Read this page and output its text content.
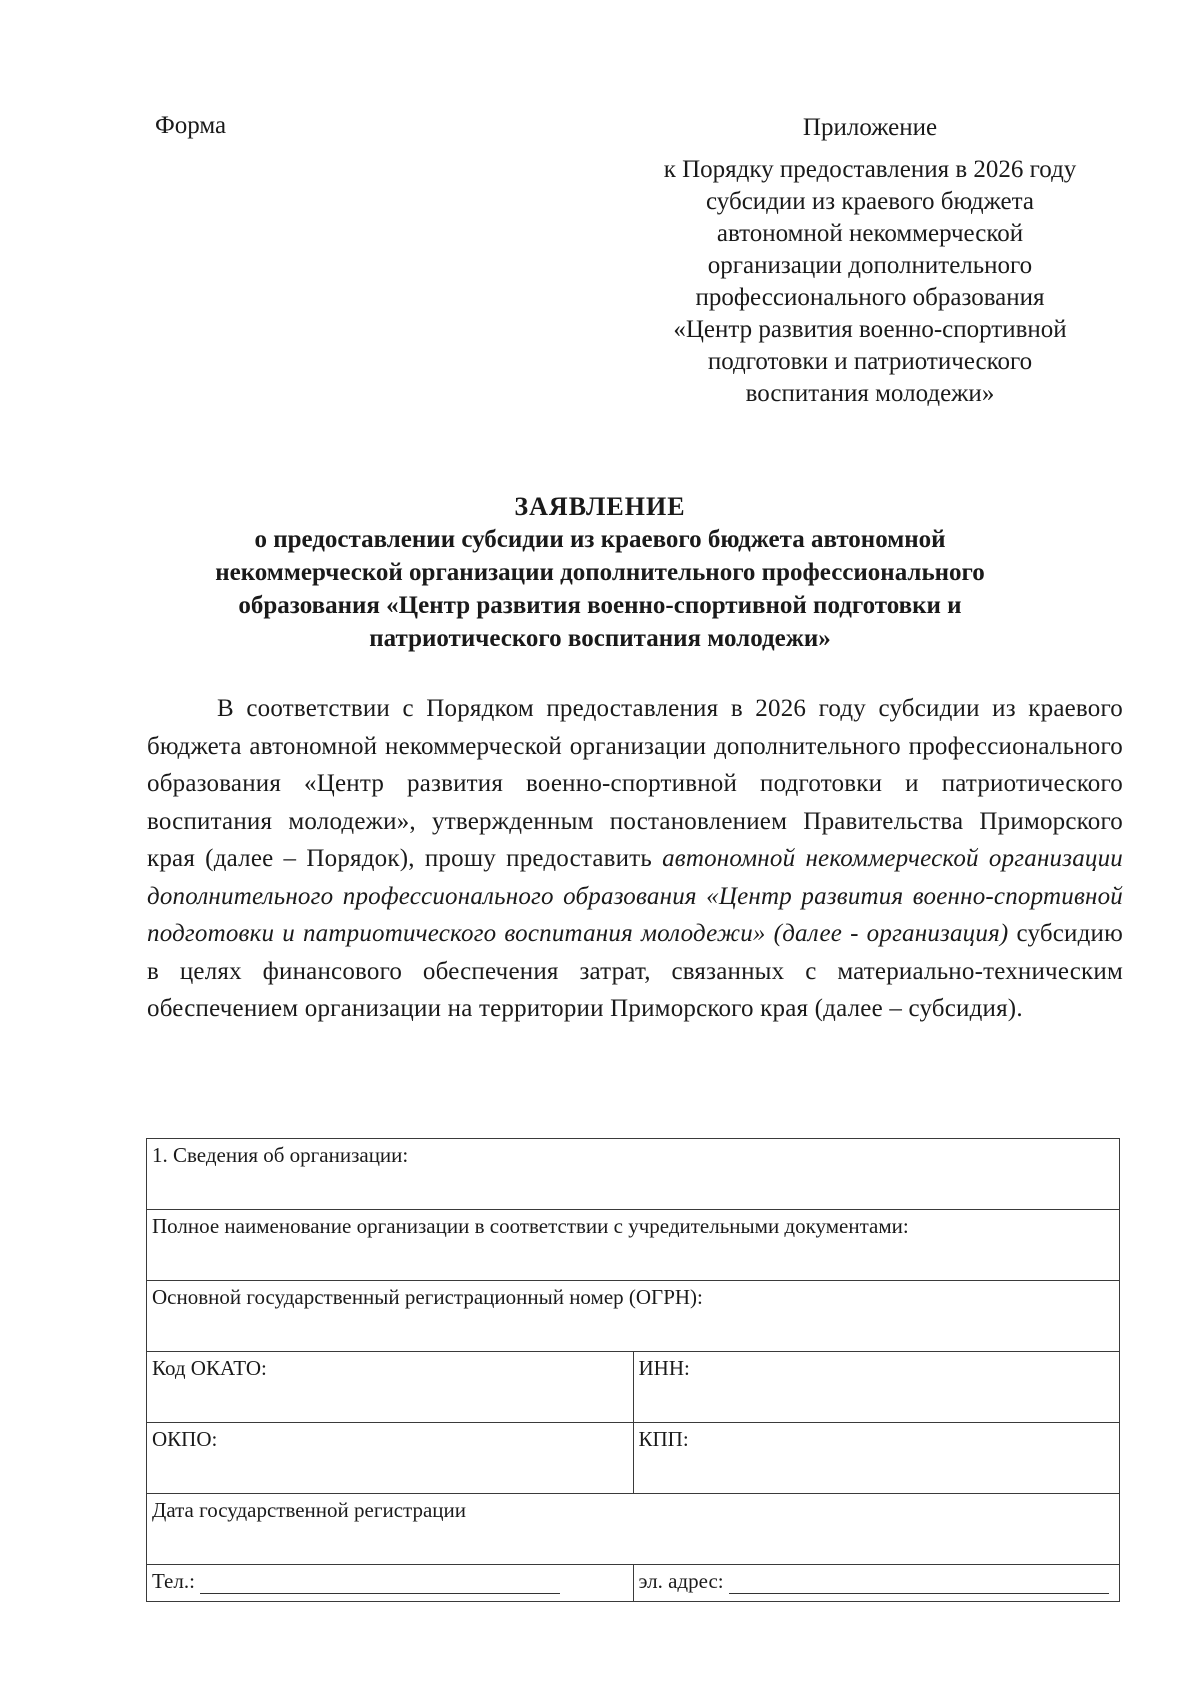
Форма	Приложение
к Порядку предоставления в 2026 году
субсидии из краевого бюджета
автономной некоммерческой
организации дополнительного
профессионального образования
«Центр развития военно-спортивной
подготовки и патриотического
воспитания молодежи»
ЗАЯВЛЕНИЕ
о предоставлении субсидии из краевого бюджета автономной
некоммерческой организации дополнительного профессионального
образования «Центр развития военно-спортивной подготовки и
патриотического воспитания молодежи»
В соответствии с Порядком предоставления в 2026 году субсидии из краевого бюджета автономной некоммерческой организации дополнительного профессионального образования «Центр развития военно-спортивной подготовки и патриотического воспитания молодежи», утвержденным постановлением Правительства Приморского края (далее – Порядок), прошу предоставить автономной некоммерческой организации дополнительного профессионального образования «Центр развития военно-спортивной подготовки и патриотического воспитания молодежи» (далее - организация) субсидию в целях финансового обеспечения затрат, связанных с материально-техническим обеспечением организации на территории Приморского края (далее – субсидия).
1. Сведения об организации:	
Полное наименование организации в соответствии с учредительными документами:	
Основной государственный регистрационный номер (ОГРН):	
Код ОКАТО:	ИНН:
ОКПО:	КПП:
Дата государственной регистрации	
Тел.:	эл. адрес:
